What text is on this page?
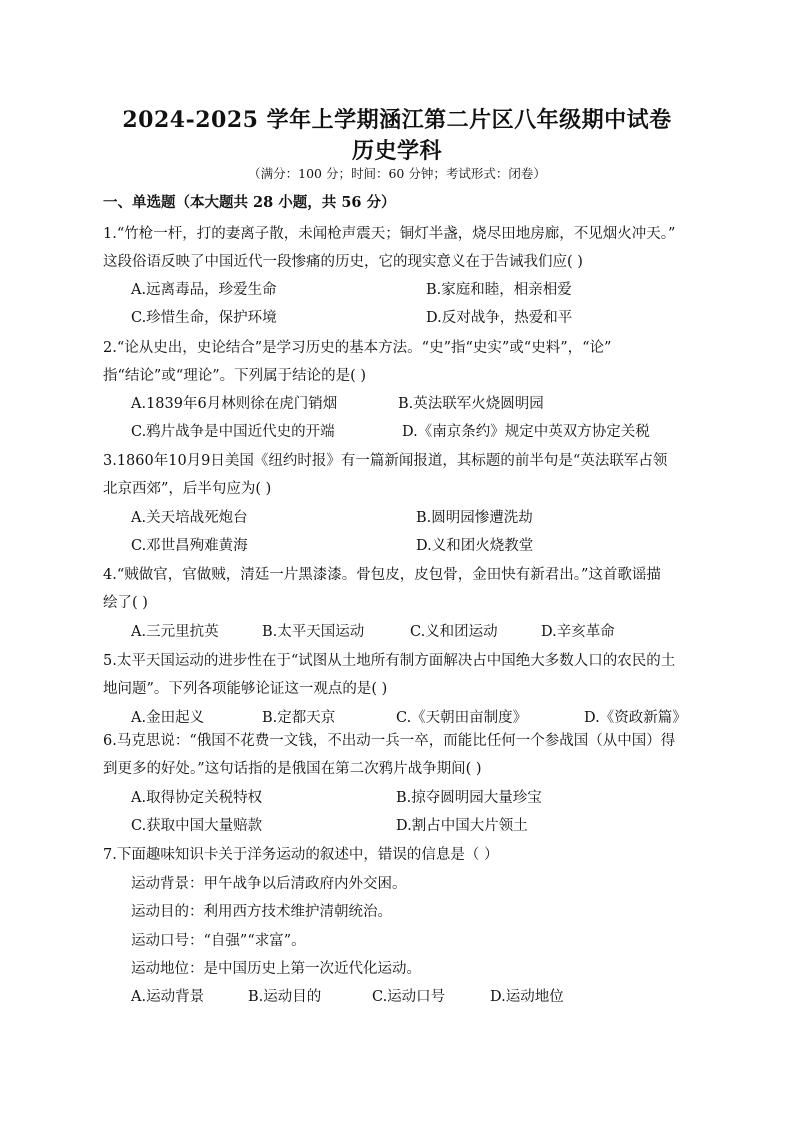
2024-2025 学年上学期涵江第二片区八年级期中试卷
历史学科
（满分：100 分；时间：60 分钟；考试形式：闭卷）
一、单选题（本大题共 28 小题，共 56 分）
1.“竹枪一杆，打的妻离子散，未闻枪声震天；铜灯半盏，烧尽田地房廊，不见烟火冲天。”
这段俗语反映了中国近代一段惨痛的历史，它的现实意义在于告诫我们应( )
A.远离毒品，珍爱生命	B.家庭和睦，相亲相爱
C.珍惜生命，保护环境	D.反对战争，热爱和平
2.“论从史出，史论结合”是学习历史的基本方法。“史”指“史实”或“史料”，“论”
指“结论”或“理论”。下列属于结论的是( )
A.1839年6月林则徐在虎门销烟	B.英法联军火烧圆明园
C.鸦片战争是中国近代史的开端	D.《南京条约》规定中英双方协定关税
3.1860年10月9日美国《纽约时报》有一篇新闻报道，其标题的前半句是“英法联军占领
北京西郊”，后半句应为( )
A.关天培战死炮台	B.圆明园惨遭洗劫
C.邓世昌殉难黄海	D.义和团火烧教堂
4.“贼做官，官做贼，清廷一片黑漆漆。骨包皮，皮包骨，金田快有新君出。”这首歌谣描
绘了( )
A.三元里抗英	B.太平天国运动	C.义和团运动	D.辛亥革命
5.太平天国运动的进步性在于“试图从土地所有制方面解决占中国绝大多数人口的农民的土
地问题”。下列各项能够论证这一观点的是( )
A.金田起义	B.定都天京	C.《天朝田亩制度》	D.《资政新篇》
6.马克思说：“俄国不花费一文钱，不出动一兵一卒，而能比任何一个参战国（从中国）得
到更多的好处。”这句话指的是俄国在第二次鸦片战争期间( )
A.取得协定关税特权	B.掠夺圆明园大量珍宝
C.获取中国大量赔款	D.割占中国大片领土
7.下面趣味知识卡关于洋务运动的叙述中，错误的信息是（ ）
运动背景：甲午战争以后清政府内外交困。
运动目的：利用西方技术维护清朝统治。
运动口号：“自强”“求富”。
运动地位：是中国历史上第一次近代化运动。
A.运动背景	B.运动目的	C.运动口号	D.运动地位
